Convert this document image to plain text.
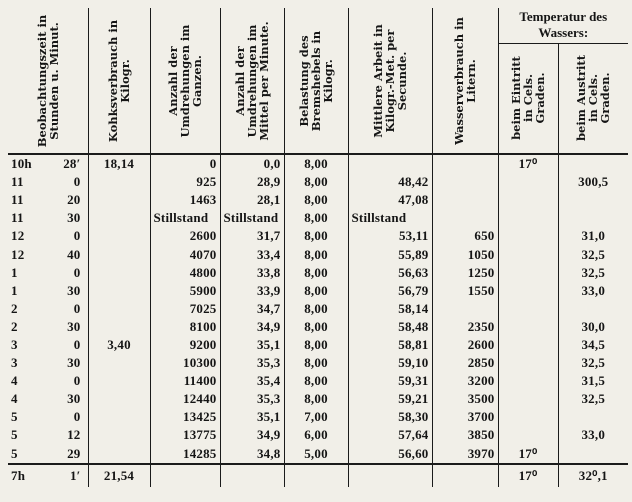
Beobachtungszeit in Stunden u. Minut.	Kohksverbrauch in Kilogr.	Anzahl der Umdrehungen im Ganzen.	Anzahl der Umdrehungen im Mittel per Minute.	Belastung des Bremshebels in Kilogr.	Mittlere Arbeit in Kilogr.-Met. per Secunde.	Wasserverbrauch in Litern.	Temperatur des Wassers:	

							beim Eintritt in Cels. Graden.	beim Austritt in Cels. Graden.

10h 28′	18,14	0	0,0	8,00			17⁰	

11 0		925	28,9	8,00	48,42			300,5

11 20		1463	28,1	8,00	47,08			

11 30		Stillstand	Stillstand	8,00	Stillstand			

12 0		2600	31,7	8,00	53,11	650		31,0

12 40		4070	33,4	8,00	55,89	1050		32,5

1 0		4800	33,8	8,00	56,63	1250		32,5

1 30		5900	33,9	8,00	56,79	1550		33,0

2 0		7025	34,7	8,00	58,14			

2 30		8100	34,9	8,00	58,48	2350		30,0

3 0	3,40	9200	35,1	8,00	58,81	2600		34,5

3 30		10300	35,3	8,00	59,10	2850		32,5

4 0		11400	35,4	8,00	59,31	3200		31,5

4 30		12440	35,3	8,00	59,21	3500		32,5

5 0		13425	35,1	7,00	58,30	3700		

5 12		13775	34,9	6,00	57,64	3850		33,0

5 29		14285	34,8	5,00	56,60	3970	17⁰	

7h 1′	21,54						17⁰	32⁰,1
